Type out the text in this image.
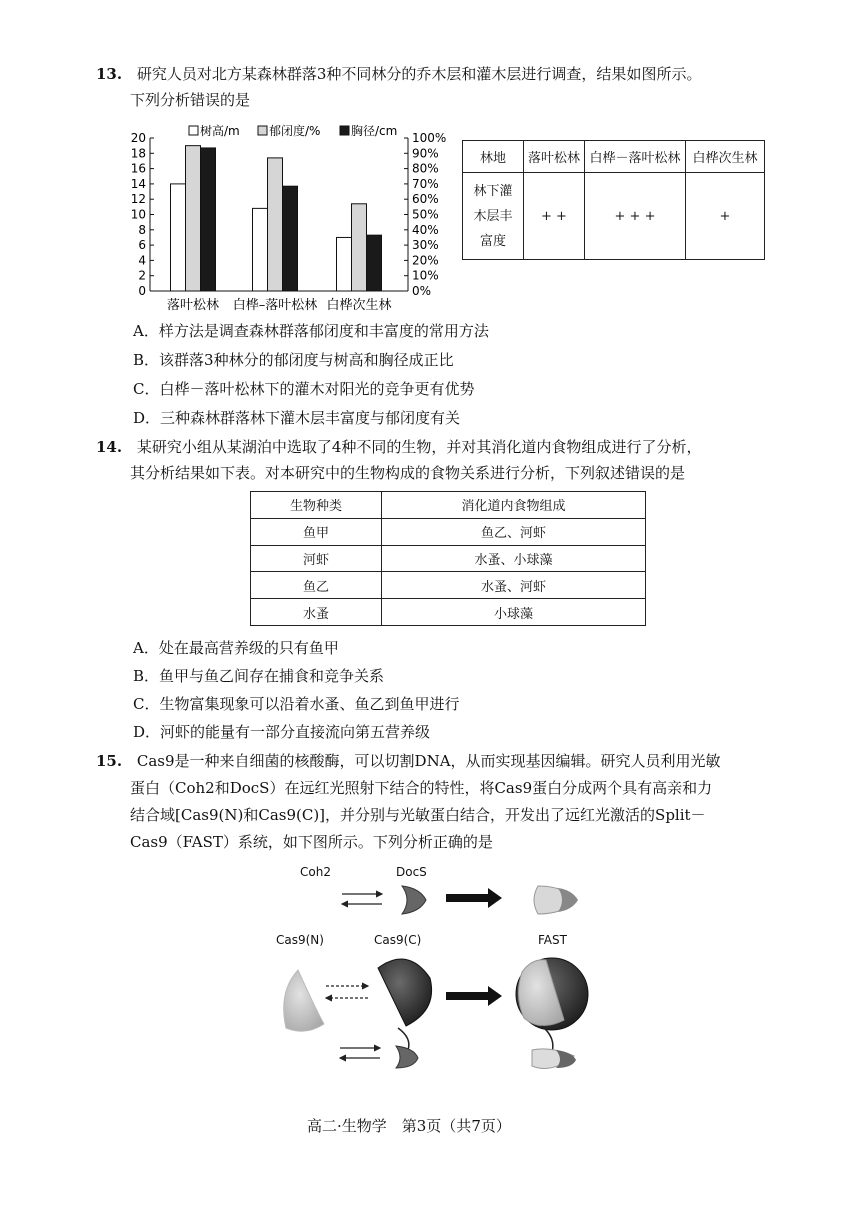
13. 研究人员对北方某森林群落3种不同林分的乔木层和灌木层进行调查，结果如图所示。
下列分析错误的是
树高/m 郁闭度/%	胸径/cm
0
2
4
6
8
10
12
14
16
18
20
0%
10%
20%
30%
40%
50%
60%
70%
80%
90%
100%
落叶松林 白桦–落叶松林 白桦次生林
林地	落叶松林	白桦－落叶松林	白桦次生林

林下灌
木层丰
富度	+ +	+ + +	+
A．样方法是调查森林群落郁闭度和丰富度的常用方法
B．该群落3种林分的郁闭度与树高和胸径成正比
C．白桦－落叶松林下的灌木对阳光的竞争更有优势
D．三种森林群落林下灌木层丰富度与郁闭度有关
14. 某研究小组从某湖泊中选取了4种不同的生物，并对其消化道内食物组成进行了分析，
其分析结果如下表。对本研究中的生物构成的食物关系进行分析，下列叙述错误的是
生物种类	消化道内食物组成
鱼甲	鱼乙、河虾
河虾	水蚤、小球藻
鱼乙	水蚤、河虾
水蚤	小球藻
A．处在最高营养级的只有鱼甲
B．鱼甲与鱼乙间存在捕食和竞争关系
C．生物富集现象可以沿着水蚤、鱼乙到鱼甲进行
D．河虾的能量有一部分直接流向第五营养级
15. Cas9是一种来自细菌的核酸酶，可以切割DNA，从而实现基因编辑。研究人员利用光敏
蛋白（Coh2和DocS）在远红光照射下结合的特性，将Cas9蛋白分成两个具有高亲和力
结合域[Cas9(N)和Cas9(C)]，并分别与光敏蛋白结合，开发出了远红光激活的Split－
Cas9（FAST）系统，如下图所示。下列分析正确的是
Coh2	DocS
Cas9(N)	Cas9(C)	FAST
高二·生物学　第3页（共7页）
